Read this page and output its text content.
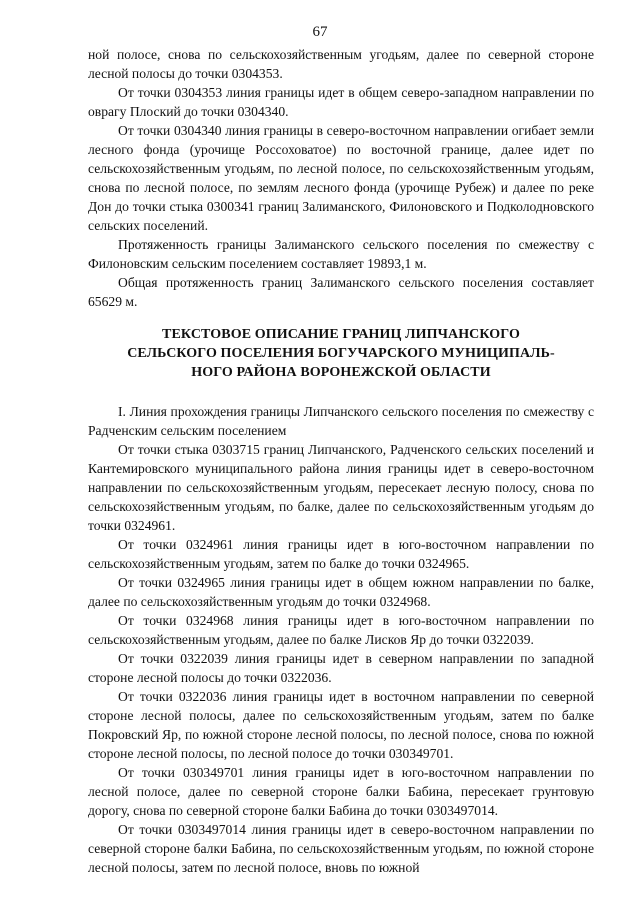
67

ной полосе, снова по сельскохозяйственным угодьям, далее по северной стороне лесной полосы до точки 0304353.

От точки 0304353 линия границы идет в общем северо-западном направлении по оврагу Плоский до точки 0304340.

От точки 0304340 линия границы в северо-восточном направлении огибает земли лесного фонда (урочище Россоховатое) по восточной границе, далее идет по сельскохозяйственным угодьям, по лесной полосе, по сельскохозяйственным угодьям, снова по лесной полосе, по землям лесного фонда (урочище Рубеж) и далее по реке Дон до точки стыка 0300341 границ Залиманского, Филоновского и Подколодновского сельских поселений.

Протяженность границы Залиманского сельского поселения по смежеству с Филоновским сельским поселением составляет 19893,1 м.

Общая протяженность границ Залиманского сельского поселения составляет 65629 м.

ТЕКСТОВОЕ ОПИСАНИЕ ГРАНИЦ ЛИПЧАНСКОГО
СЕЛЬСКОГО ПОСЕЛЕНИЯ БОГУЧАРСКОГО МУНИЦИПАЛЬ-
НОГО РАЙОНА ВОРОНЕЖСКОЙ ОБЛАСТИ

I. Линия прохождения границы Липчанского сельского поселения по смежеству с Радченским сельским поселением

От точки стыка 0303715 границ Липчанского, Радченского сельских поселений и Кантемировского муниципального района линия границы идет в северо-восточном направлении по сельскохозяйственным угодьям, пересекает лесную полосу, снова по сельскохозяйственным угодьям, по балке, далее по сельскохозяйственным угодьям до точки 0324961.

От точки 0324961 линия границы идет в юго-восточном направлении по сельскохозяйственным угодьям, затем по балке до точки 0324965.

От точки 0324965 линия границы идет в общем южном направлении по балке, далее по сельскохозяйственным угодьям до точки 0324968.

От точки 0324968 линия границы идет в юго-восточном направлении по сельскохозяйственным угодьям, далее по балке Лисков Яр до точки 0322039.

От точки 0322039 линия границы идет в северном направлении по западной стороне лесной полосы до точки 0322036.

От точки 0322036 линия границы идет в восточном направлении по северной стороне лесной полосы, далее по сельскохозяйственным угодьям, затем по балке Покровский Яр, по южной стороне лесной полосы, по лесной полосе, снова по южной стороне лесной полосы, по лесной полосе до точки 030349701.

От точки 030349701 линия границы идет в юго-восточном направлении по лесной полосе, далее по северной стороне балки Бабина, пересекает грунтовую дорогу, снова по северной стороне балки Бабина до точки 0303497014.

От точки 0303497014 линия границы идет в северо-восточном направлении по северной стороне балки Бабина, по сельскохозяйственным угодьям, по южной стороне лесной полосы, затем по лесной полосе, вновь по южной
